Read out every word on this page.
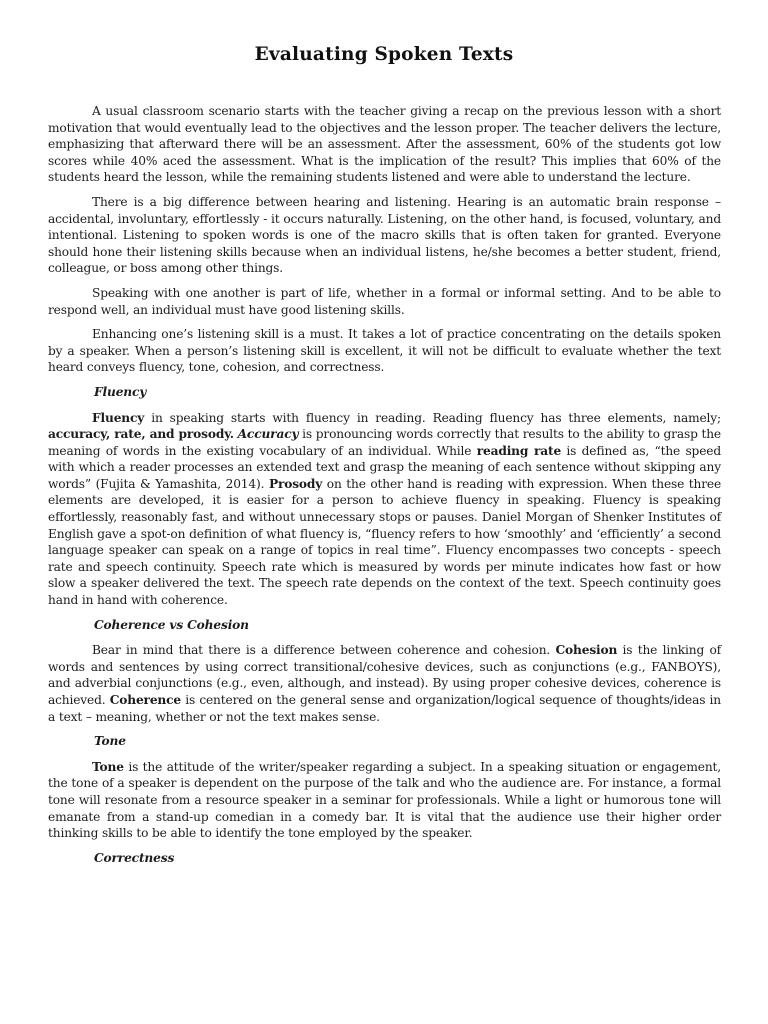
Evaluating Spoken Texts

A usual classroom scenario starts with the teacher giving a recap on the previous lesson with a short motivation that would eventually lead to the objectives and the lesson proper. The teacher delivers the lecture, emphasizing that afterward there will be an assessment. After the assessment, 60% of the students got low scores while 40% aced the assessment. What is the implication of the result? This implies that 60% of the students heard the lesson, while the remaining students listened and were able to understand the lecture.

There is a big difference between hearing and listening. Hearing is an automatic brain response – accidental, involuntary, effortlessly - it occurs naturally. Listening, on the other hand, is focused, voluntary, and intentional. Listening to spoken words is one of the macro skills that is often taken for granted. Everyone should hone their listening skills because when an individual listens, he/she becomes a better student, friend, colleague, or boss among other things.

Speaking with one another is part of life, whether in a formal or informal setting. And to be able to respond well, an individual must have good listening skills.

Enhancing one’s listening skill is a must. It takes a lot of practice concentrating on the details spoken by a speaker. When a person’s listening skill is excellent, it will not be difficult to evaluate whether the text heard conveys fluency, tone, cohesion, and correctness.

Fluency

Fluency in speaking starts with fluency in reading. Reading fluency has three elements, namely; accuracy, rate, and prosody. Accuracy is pronouncing words correctly that results to the ability to grasp the meaning of words in the existing vocabulary of an individual. While reading rate is defined as, “the speed with which a reader processes an extended text and grasp the meaning of each sentence without skipping any words” (Fujita & Yamashita, 2014). Prosody on the other hand is reading with expression. When these three elements are developed, it is easier for a person to achieve fluency in speaking. Fluency is speaking effortlessly, reasonably fast, and without unnecessary stops or pauses. Daniel Morgan of Shenker Institutes of English gave a spot-on definition of what fluency is, “fluency refers to how ‘smoothly’ and ‘efficiently’ a second language speaker can speak on a range of topics in real time”. Fluency encompasses two concepts - speech rate and speech continuity. Speech rate which is measured by words per minute indicates how fast or how slow a speaker delivered the text. The speech rate depends on the context of the text. Speech continuity goes hand in hand with coherence.

Coherence vs Cohesion

Bear in mind that there is a difference between coherence and cohesion. Cohesion is the linking of words and sentences by using correct transitional/cohesive devices, such as conjunctions (e.g., FANBOYS), and adverbial conjunctions (e.g., even, although, and instead). By using proper cohesive devices, coherence is achieved. Coherence is centered on the general sense and organization/logical sequence of thoughts/ideas in a text – meaning, whether or not the text makes sense.

Tone

Tone is the attitude of the writer/speaker regarding a subject. In a speaking situation or engagement, the tone of a speaker is dependent on the purpose of the talk and who the audience are. For instance, a formal tone will resonate from a resource speaker in a seminar for professionals. While a light or humorous tone will emanate from a stand-up comedian in a comedy bar. It is vital that the audience use their higher order thinking skills to be able to identify the tone employed by the speaker.

Correctness
